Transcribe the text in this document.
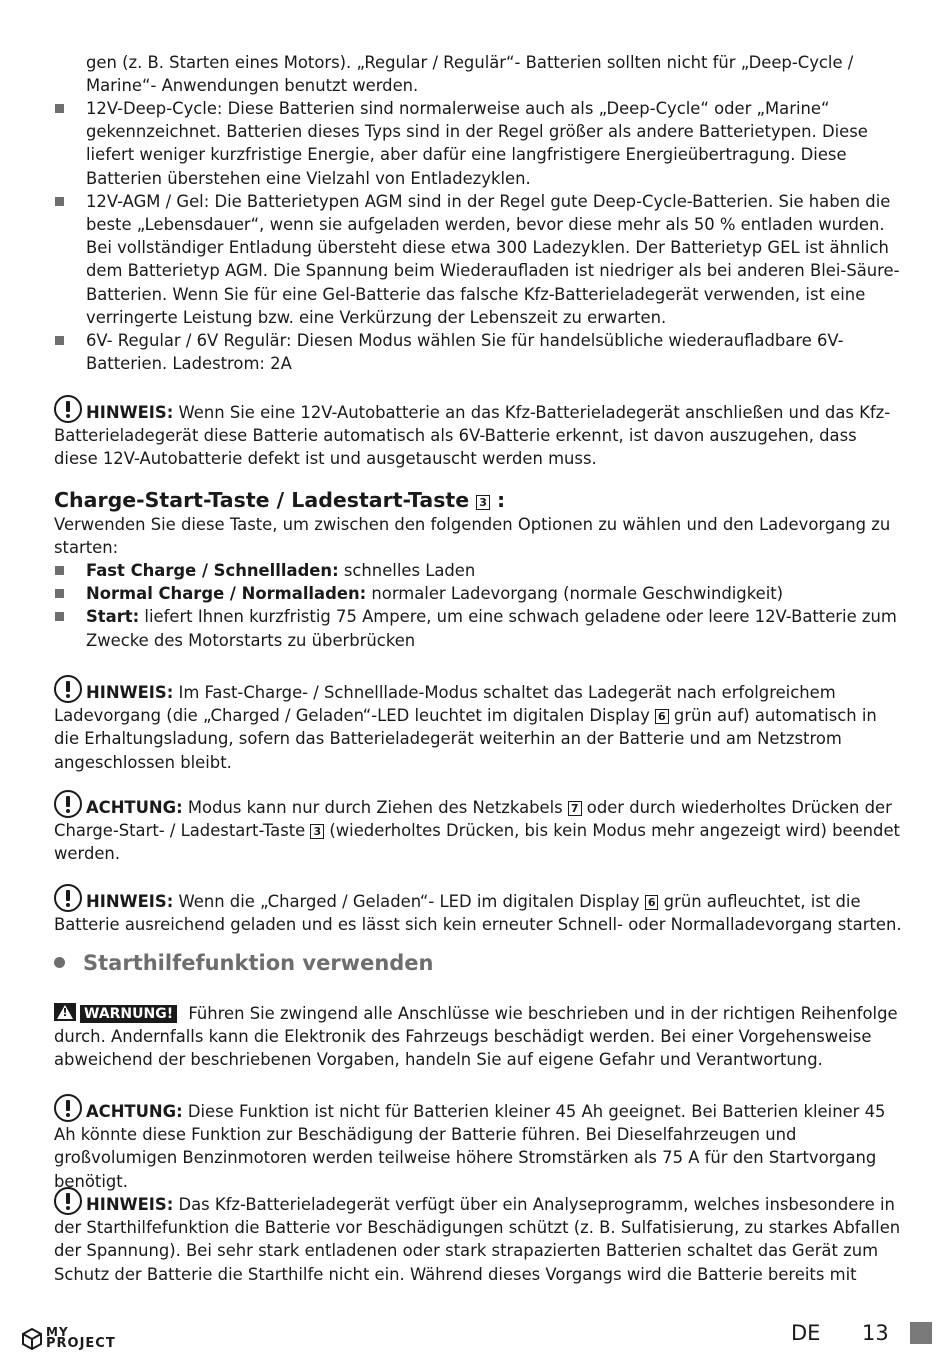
gen (z. B. Starten eines Motors). „Regular / Regulär“- Batterien sollten nicht für „Deep-Cycle / Marine“- Anwendungen benutzt werden.

12V-Deep-Cycle: Diese Batterien sind normalerweise auch als „Deep-Cycle“ oder „Marine“ gekennzeichnet. Batterien dieses Typs sind in der Regel größer als andere Batterietypen. Diese liefert weniger kurzfristige Energie, aber dafür eine langfristigere Energieübertragung. Diese Batterien überstehen eine Vielzahl von Entladezyklen.
12V-AGM / Gel: Die Batterietypen AGM sind in der Regel gute Deep-Cycle-Batterien. Sie haben die beste „Lebensdauer“, wenn sie aufgeladen werden, bevor diese mehr als 50 % entladen wurden. Bei vollständiger Entladung übersteht diese etwa 300 Ladezyklen. Der Batterietyp GEL ist ähnlich dem Batterietyp AGM. Die Spannung beim Wiederaufladen ist niedriger als bei anderen Blei-Säure-Batterien. Wenn Sie für eine Gel-Batterie das falsche Kfz-Batterieladegerät verwenden, ist eine verringerte Leistung bzw. eine Verkürzung der Lebenszeit zu erwarten.
6V- Regular / 6V Regulär: Diesen Modus wählen Sie für handelsübliche wiederaufladbare 6V-Batterien. Ladestrom: 2A

HINWEIS: Wenn Sie eine 12V-Autobatterie an das Kfz-Batterieladegerät anschließen und das Kfz-Batterieladegerät diese Batterie automatisch als 6V-Batterie erkennt, ist davon auszugehen, dass diese 12V-Autobatterie defekt ist und ausgetauscht werden muss.

Charge-Start-Taste / Ladestart-Taste 3 :

Verwenden Sie diese Taste, um zwischen den folgenden Optionen zu wählen und den Ladevorgang zu starten:

Fast Charge / Schnellladen: schnelles Laden
Normal Charge / Normalladen: normaler Ladevorgang (normale Geschwindigkeit)
Start: liefert Ihnen kurzfristig 75 Ampere, um eine schwach geladene oder leere 12V-Batterie zum Zwecke des Motorstarts zu überbrücken

HINWEIS: Im Fast-Charge- / Schnelllade-Modus schaltet das Ladegerät nach erfolgreichem Ladevorgang (die „Charged / Geladen“-LED leuchtet im digitalen Display 6 grün auf) automatisch in die Erhaltungsladung, sofern das Batterieladegerät weiterhin an der Batterie und am Netzstrom angeschlossen bleibt.

ACHTUNG: Modus kann nur durch Ziehen des Netzkabels 7 oder durch wiederholtes Drücken der Charge-Start- / Ladestart-Taste 3 (wiederholtes Drücken, bis kein Modus mehr angezeigt wird) beendet werden.

HINWEIS: Wenn die „Charged / Geladen“- LED im digitalen Display 6 grün aufleuchtet, ist die Batterie ausreichend geladen und es lässt sich kein erneuter Schnell- oder Normalladevorgang starten.

Starthilfefunktion verwenden

!WARNUNG! Führen Sie zwingend alle Anschlüsse wie beschrieben und in der richtigen Reihenfolge durch. Andernfalls kann die Elektronik des Fahrzeugs beschädigt werden. Bei einer Vorgehensweise abweichend der beschriebenen Vorgaben, handeln Sie auf eigene Gefahr und Verantwortung.

ACHTUNG: Diese Funktion ist nicht für Batterien kleiner 45 Ah geeignet. Bei Batterien kleiner 45 Ah könnte diese Funktion zur Beschädigung der Batterie führen. Bei Dieselfahrzeugen und großvolumigen Benzinmotoren werden teilweise höhere Stromstärken als 75 A für den Startvorgang benötigt.

HINWEIS: Das Kfz-Batterieladegerät verfügt über ein Analyseprogramm, welches insbesondere in der Starthilfefunktion die Batterie vor Beschädigungen schützt (z. B. Sulfatisierung, zu starkes Abfallen der Spannung). Bei sehr stark entladenen oder stark strapazierten Batterien schaltet das Gerät zum Schutz der Batterie die Starthilfe nicht ein. Während dieses Vorgangs wird die Batterie bereits mit

MY
PROJECT	DE 13
